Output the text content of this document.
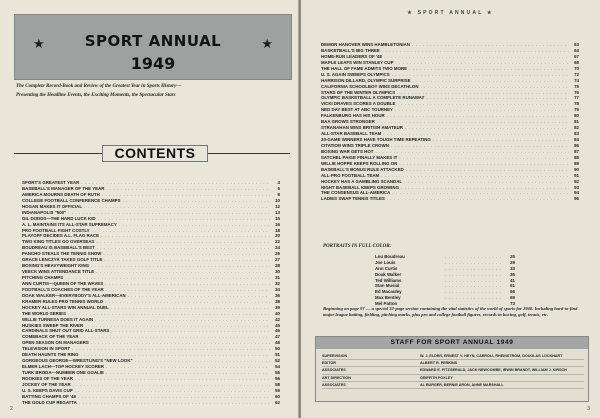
★	★
SPORT ANNUAL
1949
The Complete Record-Book and Review of the Greatest Year in Sports History—
Presenting the Headline Events, the Exciting Moments, the Spectacular Stars
CONTENTS
SPORT'S GREATEST YEAR . . .	4
BASEBALL'S MANAGER OF THE YEAR . . .	6
AMERICA MOURNS DEATH OF RUTH . . .	8
COLLEGE FOOTBALL CONFERENCE CHAMPS . . .	10
HOGAN MAKES IT OFFICIAL . . .	12
INDIANAPOLIS "500" . . .	13
GIL DODDS—THE HARD LUCK KID . . .	15
A. L. MAINTAINS ITS ALL-STAR SUPREMACY . . .	16
PRO FOOTBALL FIGHT COSTLY . . .	18
PLAYOFF DECIDES A.L. FLAG RACE . . .	20
TWO KING TITLES GO OVERSEAS . . .	22
BOUDREAU IS BASEBALL'S BEST . . .	24
PANCHO STEALS THE TENNIS SHOW . . .	26
GRACE LENCZYK TAKES GOLF TITLE . . .	27
BOXING'S HEAVYWEIGHT KING . . .	28
VEECK WINS ATTENDANCE TITLE . . .	30
PITCHING CHAMPS . . .	31
ANN CURTIS—QUEEN OF THE WAVES . . .	32
FOOTBALL'S COACHES OF THE YEAR . . .	34
DOAK WALKER—EVERYBODY'S ALL-AMERICAN . . .	36
KRAMER RULES PRO TENNIS WORLD . . .	38
HOCKEY ALL-STARS WIN ANNUAL DUEL . . .	39
THE WORLD SERIES . . .	40
WILLIE TURNESA DOES IT AGAIN . . .	42
HUSKIES SWEEP THE RIVER . . .	45
CARDINALS SHUT OUT GRID ALL-STARS . . .	46
COMEBACK OF THE YEAR . . .	47
OPEN SEASON ON MANAGERS . . .	48
TELEVISION IN SPORT . . .	50
DEATH HAUNTS THE RING . . .	51
GORGEOUS GEORGE—WRESTLING'S "NEW LOOK" . . .	52
ELMER LACH—TOP HOCKEY SCORER . . .	54
TURK BRODA—NUMBER ONE GOALIE . . .	55
ROOKIES OF THE YEAR . . .	56
JOCKEY OF THE YEAR . . .	58
U. S. KEEPS DAVIS CUP . . .	59
BATTING CHAMPS OF '48 . . .	60
THE GOLD CUP REGATTA . . .	62
2
★ SPORT ANNUAL ★
DEMON HANOVER WINS HAMBLETONIAN . . .	63
BASKETBALL'S BIG THREE . . .	64
HOME-RUN LEADERS OF '48 . . .	67
MAPLE LEAFS WIN STANLEY CUP . . .	68
THE HALL OF FAME ADMITS TWO MORE . . .	70
U. S. AGAIN SWEEPS OLYMPICS . . .	72
HARRISON DILLARD, OLYMPIC SURPRISE . . .	74
CALIFORNIA SCHOOLBOY WINS DECATHLON . . .	75
STARS OF THE WINTER OLYMPICS . . .	76
OLYMPIC BASKETBALL A COMPLETE RUNAWAY . . .	77
VICKI DRAVES SCORES A DOUBLE . . .	78
NED DAY BEST AT ABC TOURNEY . . .	79
FALKENBURG HAS HIS HOUR . . .	80
BAA GROWS STRONGER . . .	81
STRANAHAN WINS BRITISH AMATEUR . . .	82
ALL-STAR BASEBALL TEAM . . .	83
20-GAME WINNERS HAVE TOUGH TIME REPEATING . . .	84
CITATION WINS TRIPLE CROWN . . .	86
BOXING WAR GETS HOT . . .	87
SATCHEL PAIGE FINALLY MAKES IT . . .	88
WILLIE HOPPE KEEPS ROLLING ON . . .	89
BASEBALL'S BONUS RULE ATTACKED . . .	90
ALL-PRO FOOTBALL TEAM . . .	91
HOCKEY HAS A GAMBLING SCANDAL . . .	92
NIGHT BASEBALL KEEPS GROWING . . .	93
THE CONSENSUS ALL-AMERICA . . .	94
LADIES SWAP TENNIS TITLES . . .	96
PORTRAITS IN FULL COLOR:
Lou Boudreau . . .	25
Joe Louis . . .	29
Ann Curtis . . .	33
Doak Walker . . .	36
Ted Williams . . .	41
Stan Musial . . .	61
Ed Macauley . . .	66
Max Bentley . . .	69
Mel Patton . . .	73
Beginning on page 97 — a special 32-page section containing the vital statistics of the world of sports for 1948. Including hard-to-find major league batting, fielding, pitching marks, plus pro and college football figures, records in boxing, golf, tennis, etc.
STAFF FOR SPORT ANNUAL 1949
SUPERVISION	W. J. ELDER, ERNEST V. HEYN, CARROLL RHEINSTROM, DOUGLAS LOCKHART
EDITOR	ALBERT R. PERKINS
ASSOCIATES	EDWARD E. FITZGERALD, JACK NEWCOMBE, IRWIN BRANDT, WILLIAM J. KIRSCH
ART DIRECTION	GRIFFITH FOXLEY
ASSOCIATES	AL BURGER, BERNIE ARON, ANNE MARSHALL
3
